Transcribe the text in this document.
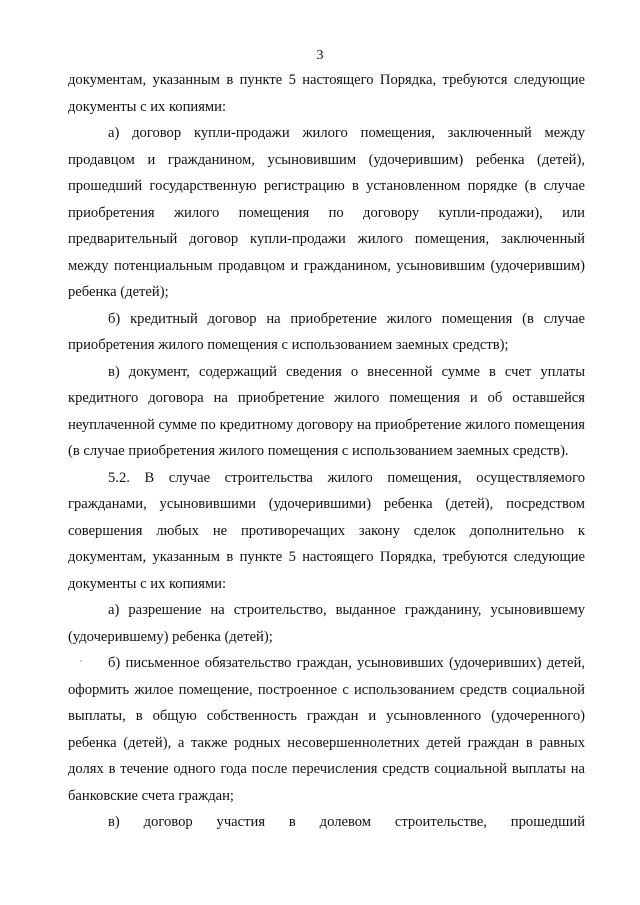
3

документам, указанным в пункте 5 настоящего Порядка, требуются следующие документы с их копиями:

а) договор купли-продажи жилого помещения, заключенный между продавцом и гражданином, усыновившим (удочерившим) ребенка (детей), прошедший государственную регистрацию в установленном порядке (в случае приобретения жилого помещения по договору купли-продажи), или предварительный договор купли-продажи жилого помещения, заключенный между потенциальным продавцом и гражданином, усыновившим (удочерившим) ребенка (детей);

б) кредитный договор на приобретение жилого помещения (в случае приобретения жилого помещения с использованием заемных средств);

в) документ, содержащий сведения о внесенной сумме в счет уплаты кредитного договора на приобретение жилого помещения и об оставшейся неуплаченной сумме по кредитному договору на приобретение жилого помещения (в случае приобретения жилого помещения с использованием заемных средств).

5.2. В случае строительства жилого помещения, осуществляемого гражданами, усыновившими (удочерившими) ребенка (детей), посредством совершения любых не противоречащих закону сделок дополнительно к документам, указанным в пункте 5 настоящего Порядка, требуются следующие документы с их копиями:

а) разрешение на строительство, выданное гражданину, усыновившему (удочерившему) ребенка (детей);

б) письменное обязательство граждан, усыновивших (удочеривших) детей, оформить жилое помещение, построенное с использованием средств социальной выплаты, в общую собственность граждан и усыновленного (удочеренного) ребенка (детей), а также родных несовершеннолетних детей граждан в равных долях в течение одного года после перечисления средств социальной выплаты на банковские счета граждан;

в) договор участия в долевом строительстве, прошедший
